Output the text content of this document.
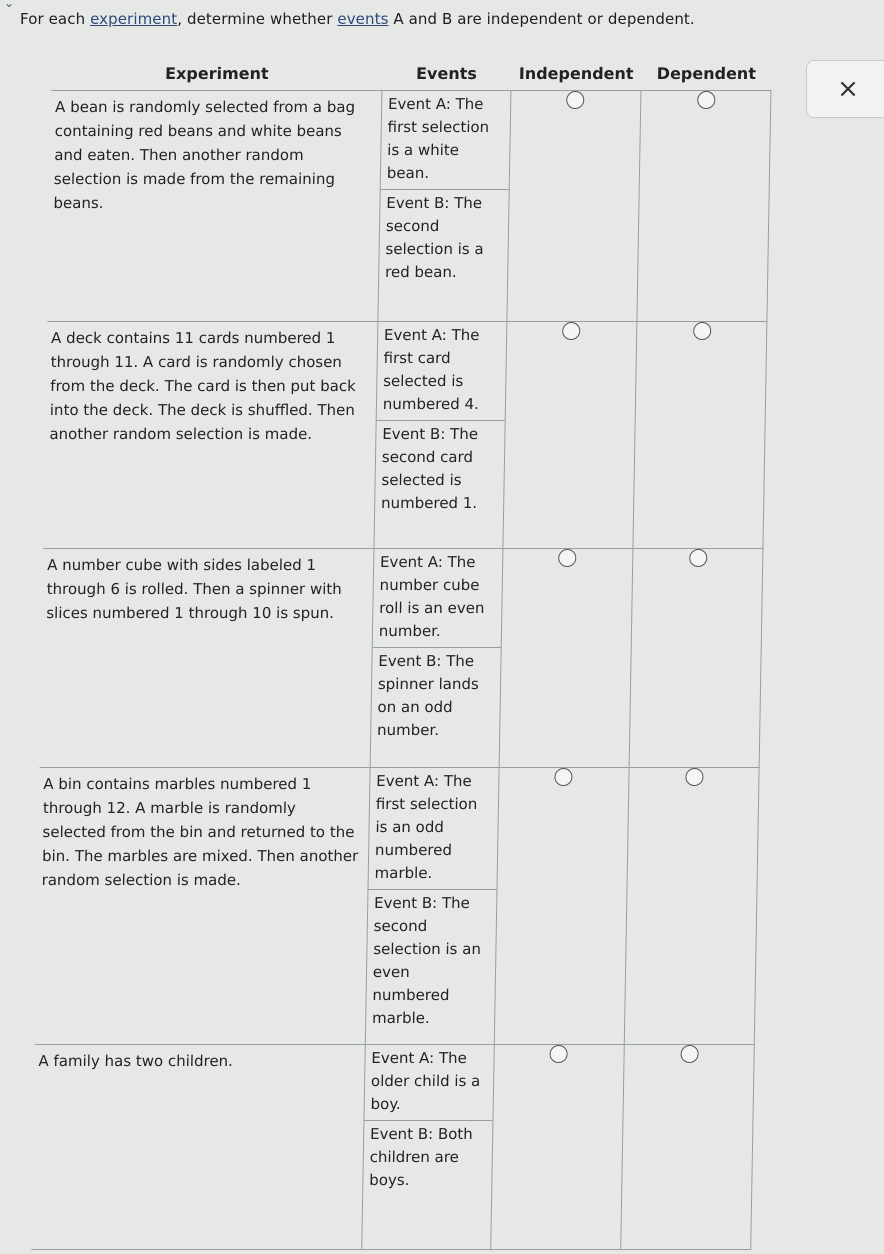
⌄
For each experiment, determine whether events A and B are independent or dependent.
×
Experiment	Events	Independent	Dependent

A bean is randomly selected from a bag containing red beans and white beans and eaten. Then another random selection is made from the remaining beans.	Event A: The first selection is a white bean.
Event B: The second selection is a red bean.		

A deck contains 11 cards numbered 1 through 11. A card is randomly chosen from the deck. The card is then put back into the deck. The deck is shuffled. Then another random selection is made.	Event A: The first card selected is numbered 4.
Event B: The second card selected is numbered 1.		

A number cube with sides labeled 1 through 6 is rolled. Then a spinner with slices numbered 1 through 10 is spun.	Event A: The number cube roll is an even number.
Event B: The spinner lands on an odd number.		

A bin contains marbles numbered 1 through 12. A marble is randomly selected from the bin and returned to the bin. The marbles are mixed. Then another random selection is made.	Event A: The first selection is an odd numbered marble.
Event B: The second selection is an even numbered marble.		

A family has two children.	Event A: The older child is a boy.
Event B: Both children are boys.		
